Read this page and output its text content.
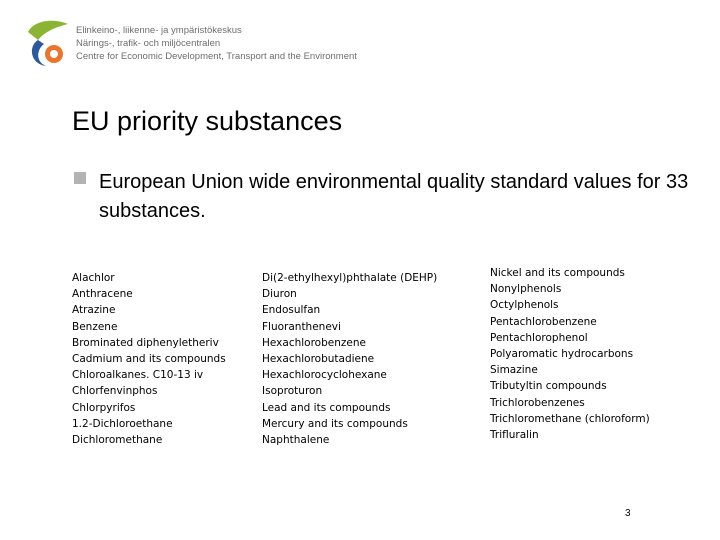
Elinkeino-, liikenne- ja ympäristökeskus
Närings-, trafik- och miljöcentralen
Centre for Economic Development, Transport and the Environment
EU priority substances
European Union wide environmental quality standard values for 33 substances.
Alachlor
Anthracene
Atrazine
Benzene
Brominated diphenyletheriv
Cadmium and its compounds
Chloroalkanes. C10-13 iv
Chlorfenvinphos
Chlorpyrifos
1.2-Dichloroethane
Dichloromethane
Di(2-ethylhexyl)phthalate (DEHP)
Diuron
Endosulfan
Fluoranthenevi
Hexachlorobenzene
Hexachlorobutadiene
Hexachlorocyclohexane
Isoproturon
Lead and its compounds
Mercury and its compounds
Naphthalene
Nickel and its compounds
Nonylphenols
Octylphenols
Pentachlorobenzene
Pentachlorophenol
Polyaromatic hydrocarbons
Simazine
Tributyltin compounds
Trichlorobenzenes
Trichloromethane (chloroform)
Trifluralin
3
